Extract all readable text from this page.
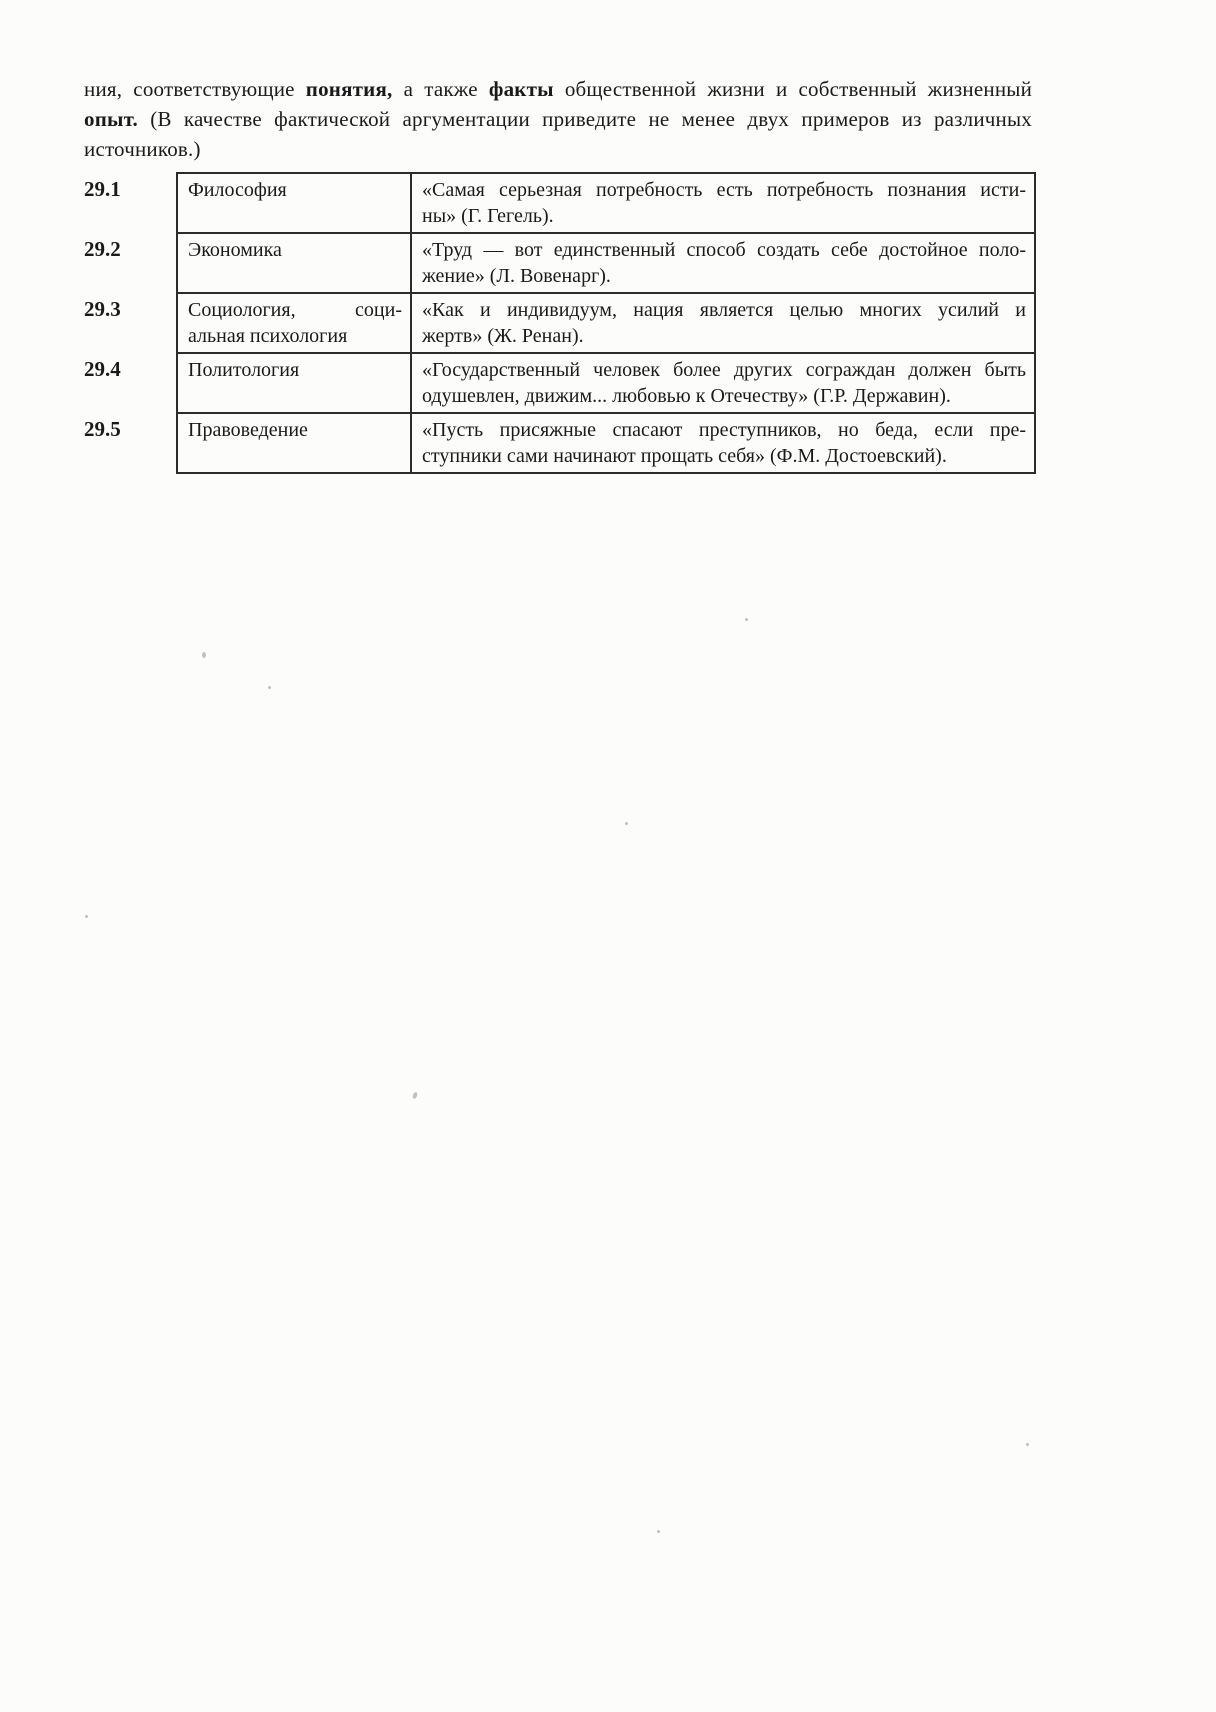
ния, соответствующие понятия, а также факты общественной жизни и собственный жизненныйопыт. (В качестве фактической аргументации приведите не менее двух примеров из различныхисточников.)

29.1	Философия	«Самая серьезная потребность есть потребность познания исти-ны» (Г. Гегель).
29.2	Экономика	«Труд — вот единственный способ создать себе достойное поло-жение» (Л. Вовенарг).
29.3	Социология, соци-альная психология	«Как и индивидуум, нация является целью многих усилий ижертв» (Ж. Ренан).
29.4	Политология	«Государственный человек более других сограждан должен бытьодушевлен, движим... любовью к Отечеству» (Г.Р. Державин).
29.5	Правоведение	«Пусть присяжные спасают преступников, но беда, если пре-ступники сами начинают прощать себя» (Ф.М. Достоевский).
